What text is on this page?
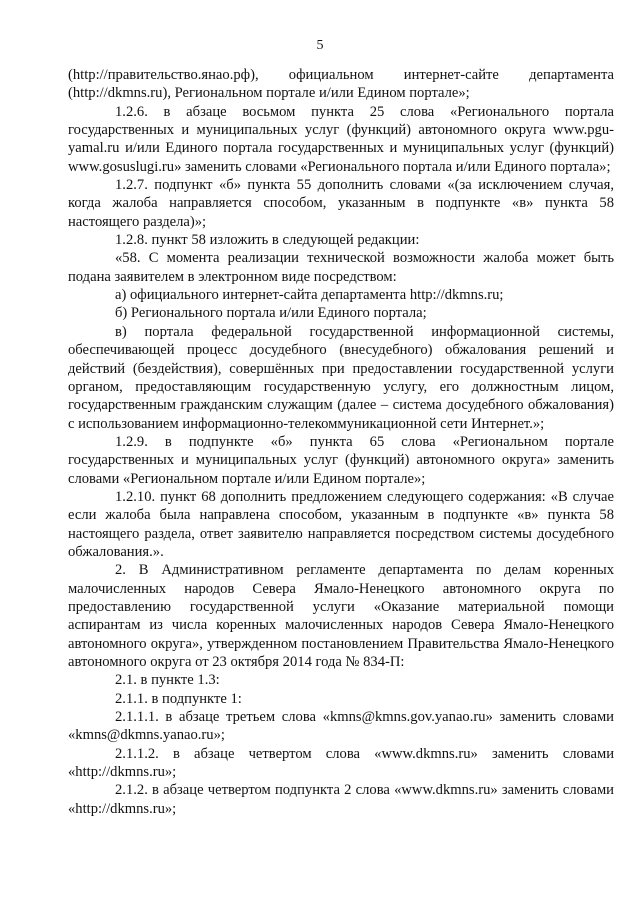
5

(http://правительство.янао.рф), официальном интернет-сайте департамента (http://dkmns.ru), Региональном портале и/или Едином портале»;

1.2.6. в абзаце восьмом пункта 25 слова «Регионального портала государственных и муниципальных услуг (функций) автономного округа www.pgu-yamal.ru и/или Единого портала государственных и муниципальных услуг (функций) www.gosuslugi.ru» заменить словами «Регионального портала и/или Единого портала»;

1.2.7. подпункт «б» пункта 55 дополнить словами «(за исключением случая, когда жалоба направляется способом, указанным в подпункте «в» пункта 58 настоящего раздела)»;

1.2.8. пункт 58 изложить в следующей редакции:

«58. С момента реализации технической возможности жалоба может быть подана заявителем в электронном виде посредством:

а) официального интернет-сайта департамента http://dkmns.ru;

б) Регионального портала и/или Единого портала;

в) портала федеральной государственной информационной системы, обеспечивающей процесс досудебного (внесудебного) обжалования решений и действий (бездействия), совершённых при предоставлении государственной услуги органом, предоставляющим государственную услугу, его должностным лицом, государственным гражданским служащим (далее – система досудебного обжалования) с использованием информационно-телекоммуникационной сети Интернет.»;

1.2.9. в подпункте «б» пункта 65 слова «Региональном портале государственных и муниципальных услуг (функций) автономного округа» заменить словами «Региональном портале и/или Едином портале»;

1.2.10. пункт 68 дополнить предложением следующего содержания: «В случае если жалоба была направлена способом, указанным в подпункте «в» пункта 58 настоящего раздела, ответ заявителю направляется посредством системы досудебного обжалования.».

2. В Административном регламенте департамента по делам коренных малочисленных народов Севера Ямало-Ненецкого автономного округа по предоставлению государственной услуги «Оказание материальной помощи аспирантам из числа коренных малочисленных народов Севера Ямало-Ненецкого автономного округа», утвержденном постановлением Правительства Ямало-Ненецкого автономного округа от 23 октября 2014 года № 834-П:

2.1. в пункте 1.3:

2.1.1. в подпункте 1:

2.1.1.1. в абзаце третьем слова «kmns@kmns.gov.yanao.ru» заменить словами «kmns@dkmns.yanao.ru»;

2.1.1.2. в абзаце четвертом слова «www.dkmns.ru» заменить словами «http://dkmns.ru»;

2.1.2. в абзаце четвертом подпункта 2 слова «www.dkmns.ru» заменить словами «http://dkmns.ru»;
